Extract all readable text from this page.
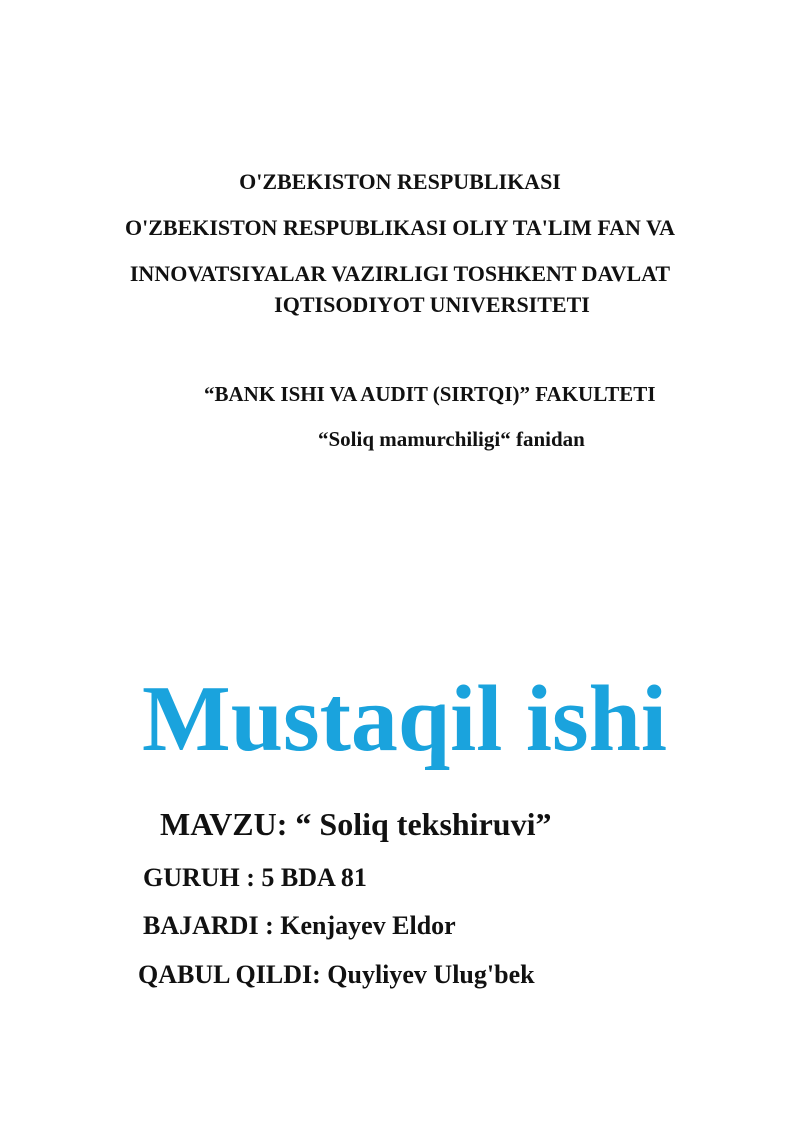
O'ZBEKISTON RESPUBLIKASI
O'ZBEKISTON RESPUBLIKASI OLIY TA'LIM FAN VA
INNOVATSIYALAR VAZIRLIGI TOSHKENT DAVLAT
IQTISODIYOT UNIVERSITETI
“BANK ISHI VA AUDIT (SIRTQI)” FAKULTETI
“Soliq mamurchiligi“ fanidan
Mustaqil ishi
MAVZU: “ Soliq tekshiruvi”
GURUH : 5 BDA 81
BAJARDI : Kenjayev Eldor
QABUL QILDI: Quyliyev Ulug'bek
